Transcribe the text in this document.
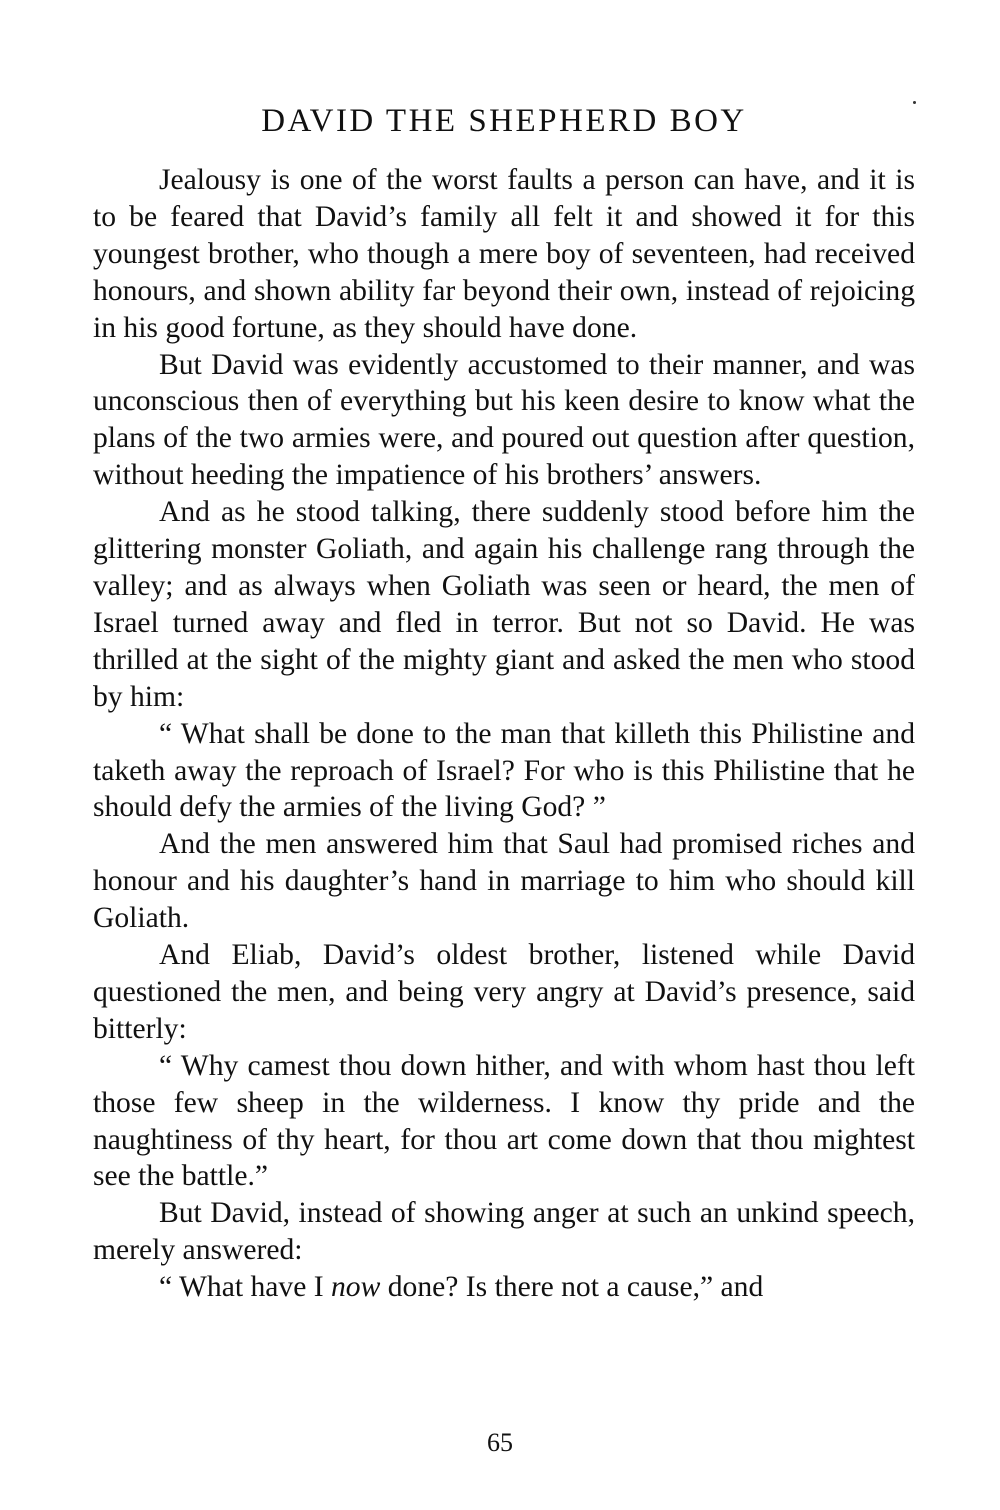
DAVID THE SHEPHERD BOY

Jealousy is one of the worst faults a person can have, and it is to be feared that David’s family all felt it and showed it for this youngest brother, who though a mere boy of seventeen, had received honours, and shown ability far beyond their own, instead of rejoicing in his good fortune, as they should have done.

But David was evidently accustomed to their manner, and was unconscious then of everything but his keen desire to know what the plans of the two armies were, and poured out question after question, without heeding the impatience of his brothers’ answers.

And as he stood talking, there suddenly stood before him the glittering monster Goliath, and again his challenge rang through the valley; and as always when Goliath was seen or heard, the men of Israel turned away and fled in terror. But not so David. He was thrilled at the sight of the mighty giant and asked the men who stood by him:

“ What shall be done to the man that killeth this Philistine and taketh away the reproach of Israel? For who is this Philistine that he should defy the armies of the living God? ”

And the men answered him that Saul had promised riches and honour and his daughter’s hand in marriage to him who should kill Goliath.

And Eliab, David’s oldest brother, listened while David questioned the men, and being very angry at David’s presence, said bitterly:

“ Why camest thou down hither, and with whom hast thou left those few sheep in the wilderness. I know thy pride and the naughtiness of thy heart, for thou art come down that thou mightest see the battle.”

But David, instead of showing anger at such an unkind speech, merely answered:

“ What have I now done? Is there not a cause,” and

65
